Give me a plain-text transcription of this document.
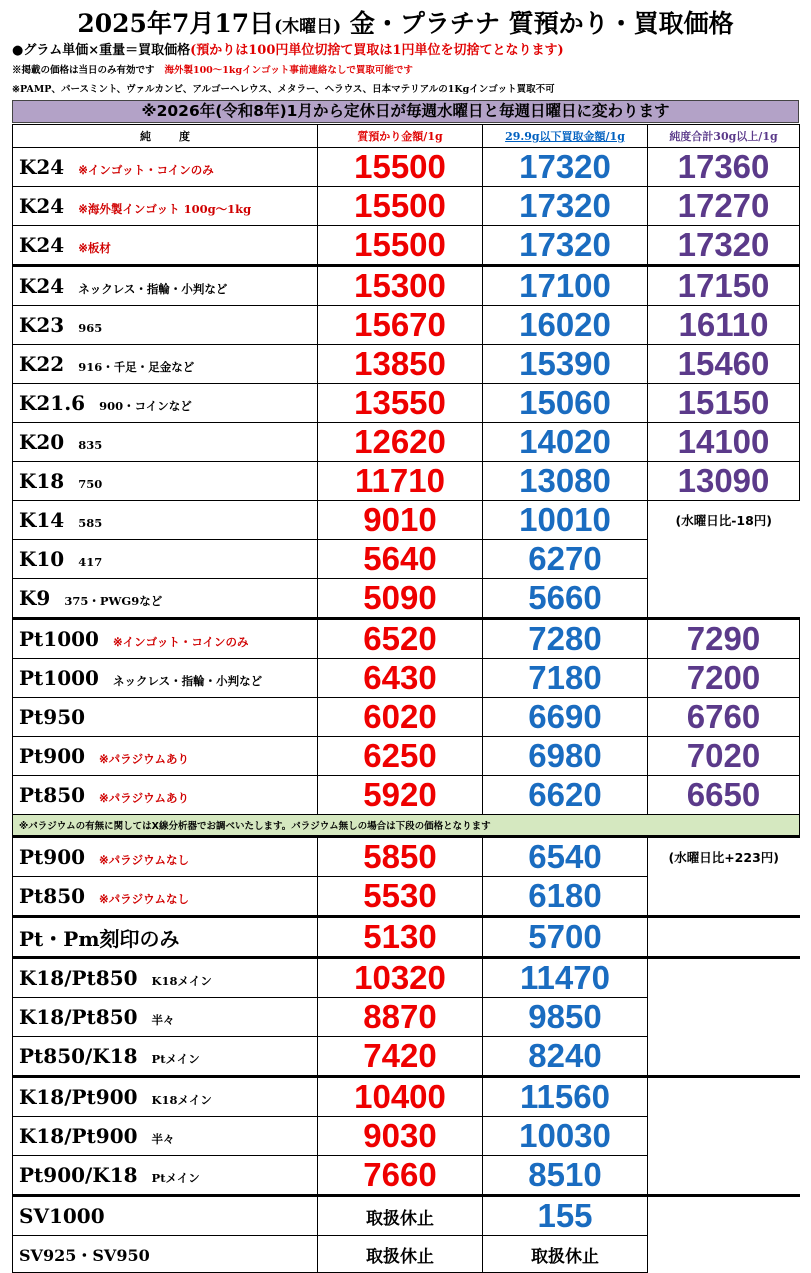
2025年7月17日(木曜日) 金・プラチナ 質預かり・買取価格
●グラム単価×重量＝買取価格(預かりは100円単位切捨て買取は1円単位を切捨てとなります)
※掲載の価格は当日のみ有効です 海外製100～1kgインゴット事前連絡なしで買取可能です
※PAMP、パースミント、ヴァルカンビ、アルゴーヘレウス、メタラー、ヘラウス、日本マテリアルの1Kgインゴット買取不可
※2026年(令和8年)1月から定休日が毎週水曜日と毎週日曜日に変わります
純度	質預かり金額/1g	29.9g以下買取金額/1g	純度合計30g以上/1g
K24 ※インゴット・コインのみ	15500	17320	17360
K24 ※海外製インゴット 100g～1kg	15500	17320	17270
K24 ※板材	15500	17320	17320
K24 ネックレス・指輪・小判など	15300	17100	17150
K23 965	15670	16020	16110
K22 916・千足・足金など	13850	15390	15460
K21.6 900・コインなど	13550	15060	15150
K20 835	12620	14020	14100
K18 750	11710	13080	13090
K14 585	9010	10010	(水曜日比-18円)
K10 417	5640	6270	
K9 375・PWG9など	5090	5660	
Pt1000 ※インゴット・コインのみ	6520	7280	7290
Pt1000 ネックレス・指輪・小判など	6430	7180	7200
Pt950	6020	6690	6760
Pt900 ※パラジウムあり	6250	6980	7020
Pt850 ※パラジウムあり	5920	6620	6650
※パラジウムの有無に関してはX線分析器でお調べいたします。パラジウム無しの場合は下段の価格となります			
Pt900 ※パラジウムなし	5850	6540	(水曜日比+223円)
Pt850 ※パラジウムなし	5530	6180	
Pt・Pm刻印のみ	5130	5700	
K18/Pt850 K18メイン	10320	11470	
K18/Pt850 半々	8870	9850	
Pt850/K18 Ptメイン	7420	8240	
K18/Pt900 K18メイン	10400	11560	
K18/Pt900 半々	9030	10030	
Pt900/K18 Ptメイン	7660	8510	
SV1000	取扱休止	155	
SV925・SV950	取扱休止	取扱休止	
